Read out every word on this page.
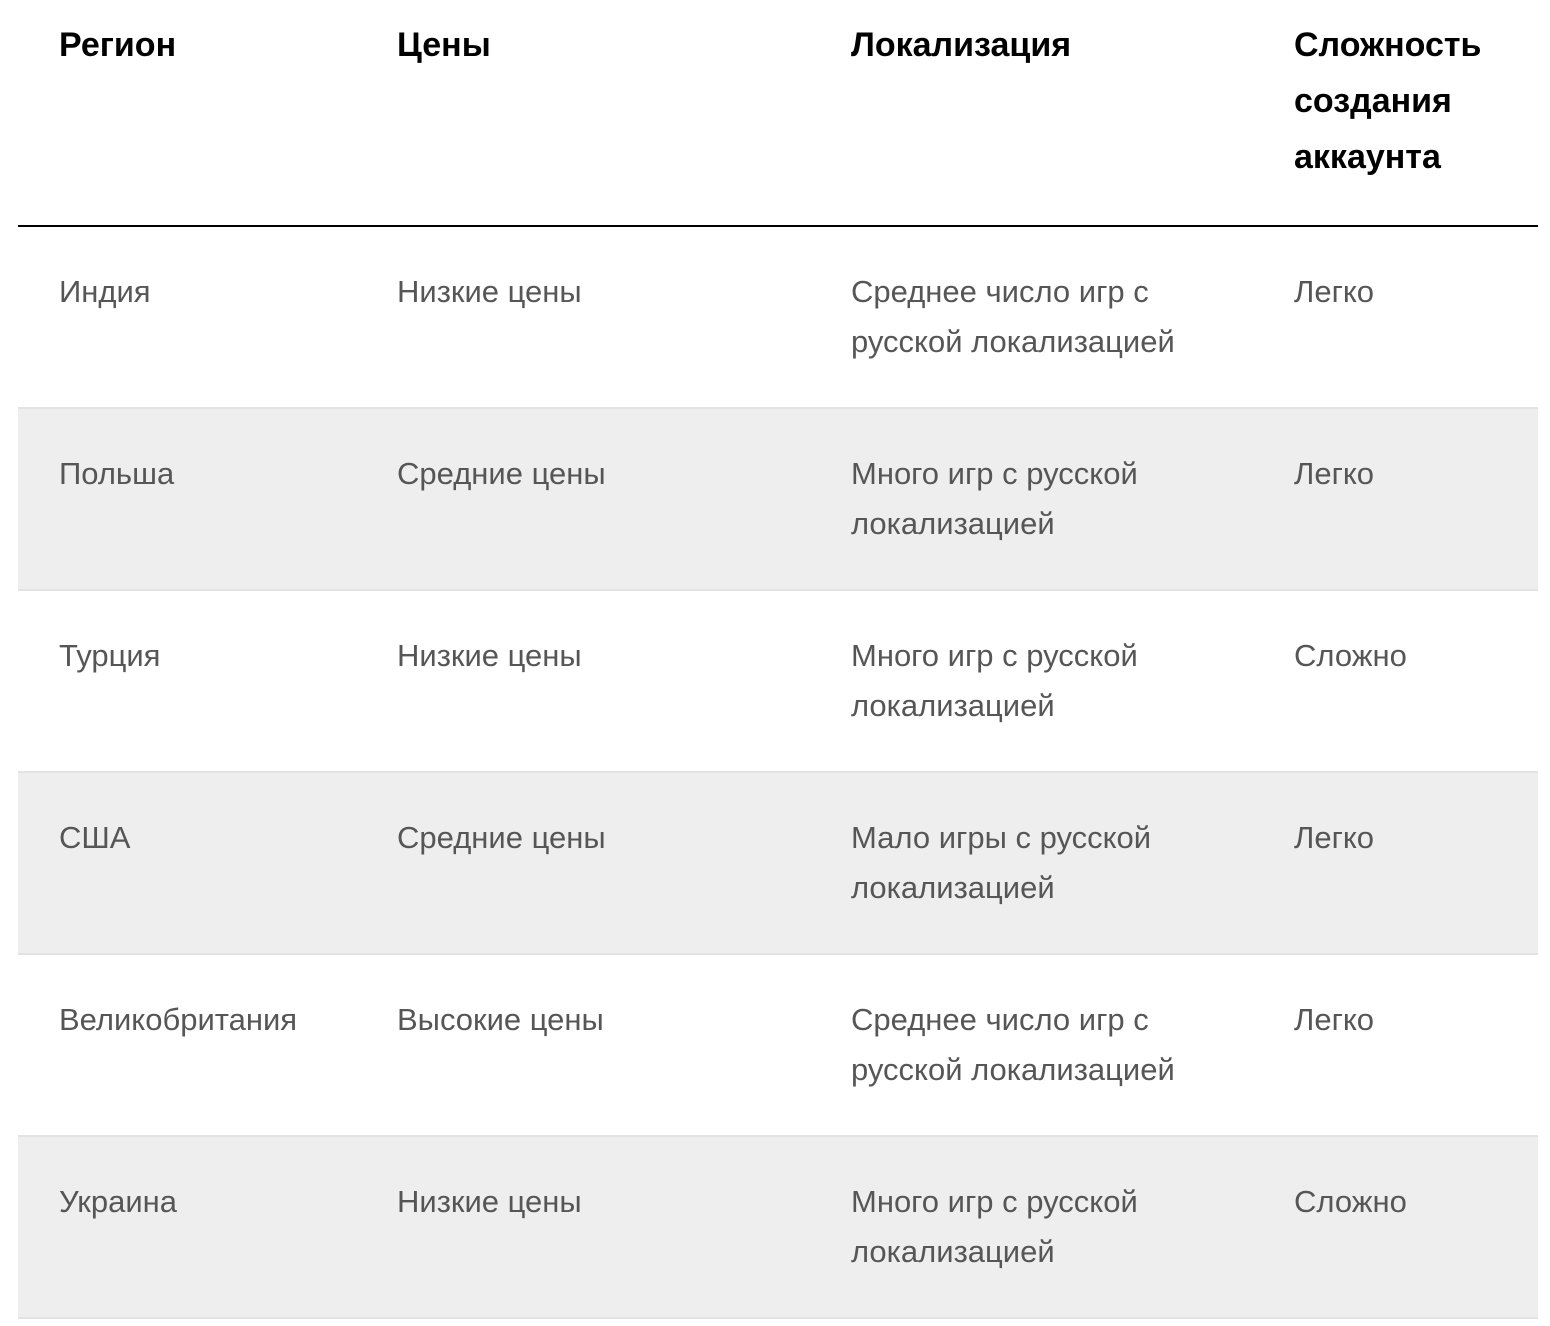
Регион	Цены	Локализация	Сложность создания аккаунта
Индия	Низкие цены	Среднее число игр с русской локализацией	Легко
Польша	Средние цены	Много игр с русской локализацией	Легко
Турция	Низкие цены	Много игр с русской локализацией	Сложно
США	Средние цены	Мало игры с русской локализацией	Легко
Великобритания	Высокие цены	Среднее число игр с русской локализацией	Легко
Украина	Низкие цены	Много игр с русской локализацией	Сложно
